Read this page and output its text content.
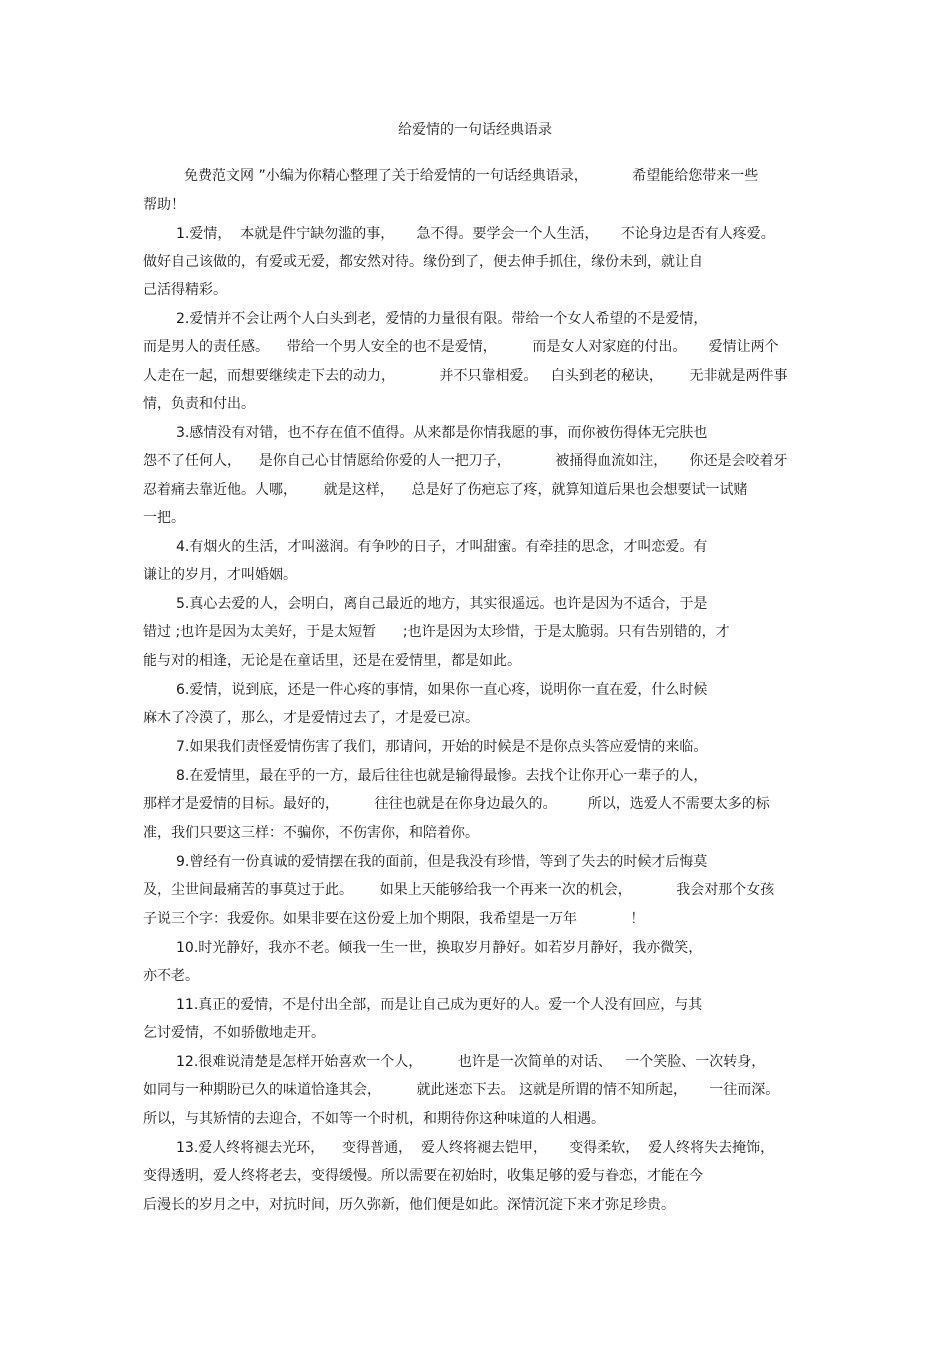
给爱情的一句话经典语录
免费范文网 ”小编为你精心整理了关于给爱情的一句话经典语录，          希望能给您带来一些
帮助！
1.爱情，  本就是件宁缺勿滥的事，     急不得。要学会一个人生活，     不论身边是否有人疼爱。
做好自己该做的，有爱或无爱，都安然对待。缘份到了，便去伸手抓住，缘份未到，就让自
己活得精彩。
2.爱情并不会让两个人白头到老，爱情的力量很有限。带给一个女人希望的不是爱情，
而是男人的责任感。    带给一个男人安全的也不是爱情，        而是女人对家庭的付出。     爱情让两个
人走在一起，而想要继续走下去的动力，          并不只靠相爱。   白头到老的秘诀，      无非就是两件事
情，负责和付出。
3.感情没有对错，也不存在值不值得。从来都是你情我愿的事，而你被伤得体无完肤也
怨不了任何人，    是你自己心甘情愿给你爱的人一把刀子，          被捅得血流如注，     你还是会咬着牙
忍着痛去靠近他。人哪，      就是这样，    总是好了伤疤忘了疼，就算知道后果也会想要试一试赌
一把。
4.有烟火的生活，才叫滋润。有争吵的日子，才叫甜蜜。有牵挂的思念，才叫恋爱。有
谦让的岁月，才叫婚姻。
5.真心去爱的人，会明白，离自己最近的地方，其实很遥远。也许是因为不适合，于是
错过 ;也许是因为太美好，于是太短暂      ;也许是因为太珍惜，于是太脆弱。只有告别错的，才
能与对的相逢，无论是在童话里，还是在爱情里，都是如此。
6.爱情，说到底，还是一件心疼的事情，如果你一直心疼，说明你一直在爱，什么时候
麻木了冷漠了，那么，才是爱情过去了，才是爱已凉。
7.如果我们责怪爱情伤害了我们，那请问，开始的时候是不是你点头答应爱情的来临。
8.在爱情里，最在乎的一方，最后往往也就是输得最惨。去找个让你开心一辈子的人，
那样才是爱情的目标。最好的，        往往也就是在你身边最久的。       所以，选爱人不需要太多的标
准，我们只要这三样：不骗你，不伤害你，和陪着你。
9.曾经有一份真诚的爱情摆在我的面前，但是我没有珍惜，等到了失去的时候才后悔莫
及，尘世间最痛苦的事莫过于此。      如果上天能够给我一个再来一次的机会，          我会对那个女孩
子说三个字：我爱你。如果非要在这份爱上加个期限，我希望是一万年            ！
10.时光静好，我亦不老。倾我一生一世，换取岁月静好。如若岁月静好，我亦微笑，
亦不老。
11.真正的爱情，不是付出全部，而是让自己成为更好的人。爱一个人没有回应，与其
乞讨爱情，不如骄傲地走开。
12.很难说清楚是怎样开始喜欢一个人，        也许是一次简单的对话、   一个笑脸、一次转身，
如同与一种期盼已久的味道恰逢其会，        就此迷恋下去。 这就是所谓的情不知所起，     一往而深。
所以，与其矫情的去迎合，不如等一个时机，和期待你这种味道的人相遇。
13.爱人终将褪去光环，    变得普通，  爱人终将褪去铠甲，     变得柔软，  爱人终将失去掩饰，
变得透明，爱人终将老去，变得缓慢。所以需要在初始时，收集足够的爱与眷恋，才能在今
后漫长的岁月之中，对抗时间，历久弥新，他们便是如此。深情沉淀下来才弥足珍贵。
